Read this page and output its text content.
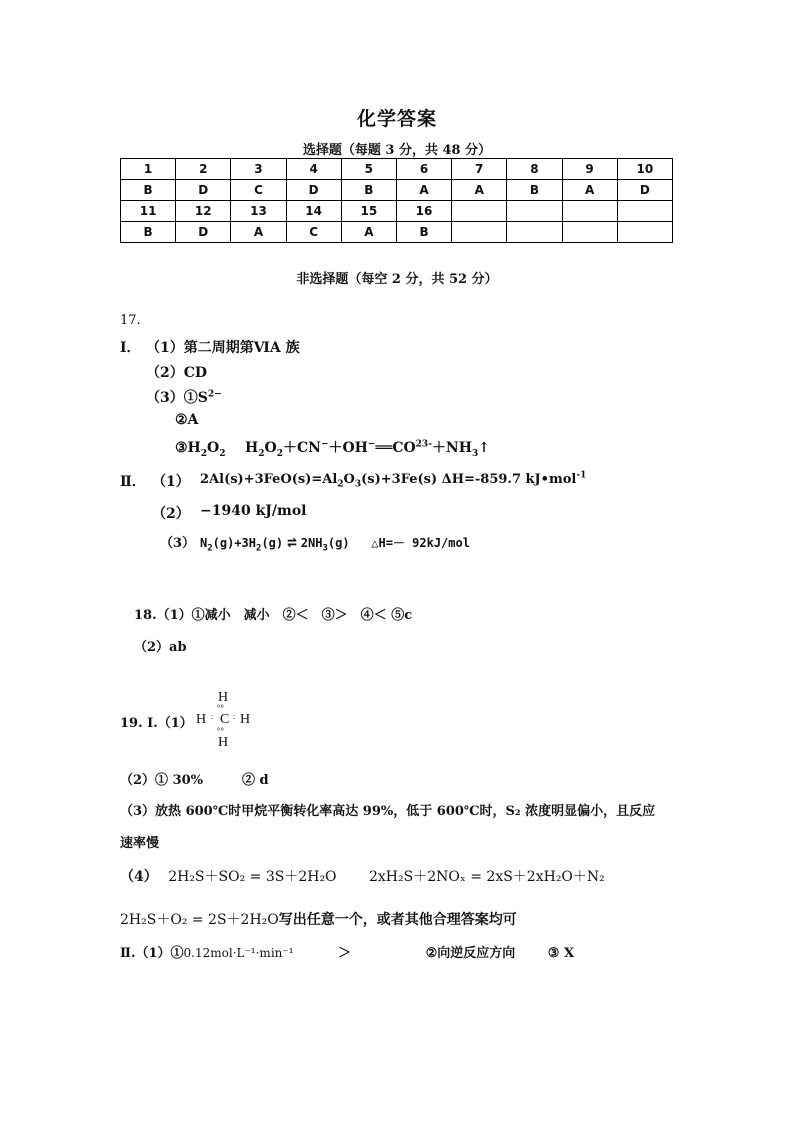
化学答案
选择题（每题 3 分，共 48 分）
1	2	3	4	5	6	7	8	9	10
B	D	C	D	B	A	A	B	A	D
11	12	13	14	15	16				
B	D	A	C	A	B				
非选择题（每空 2 分，共 52 分）
17.
Ⅰ． （1）第二周期第ⅥA 族
（2）CD
$(3)①S^{2-}$
②A
$③H_2O_2$ $H_2O_2+CN^-+OH^-══CO^{23-}+NH_3↑$
Ⅱ． （1） $2Al(s)+3FeO(s)=Al_2O_3(s)+3Fe(s)$ ΔH=-859.7 kJ•mol$^{-1}$
（2） −1940 kJ/mol
（3） $N_2(g)+3H_2(g)$ ⇌ $2NH_3(g)$ △H=－ 92kJ/mol
18.（1）①减小　减小　②＜　③＞　④＜ ⑤c
（2）ab
19. Ⅰ.（1）
H
⁹⁹
H : C : H
⁹⁹
H
（2）① 30%　　　② d
（3）放热 600℃时甲烷平衡转化率高达 99%，低于 600℃时，S₂ 浓度明显偏小，且反应
速率慢
（4） 2H₂S＋SO₂ = 3S＋2H₂O 2xH₂S＋2NOₓ = 2xS＋2xH₂O＋N₂
2H₂S＋O₂ = 2S＋2H₂O写出任意一个，或者其他合理答案均可
Ⅱ.（1）①0.12mol·L⁻¹·min⁻¹	＞	②向逆反应方向	③ X
